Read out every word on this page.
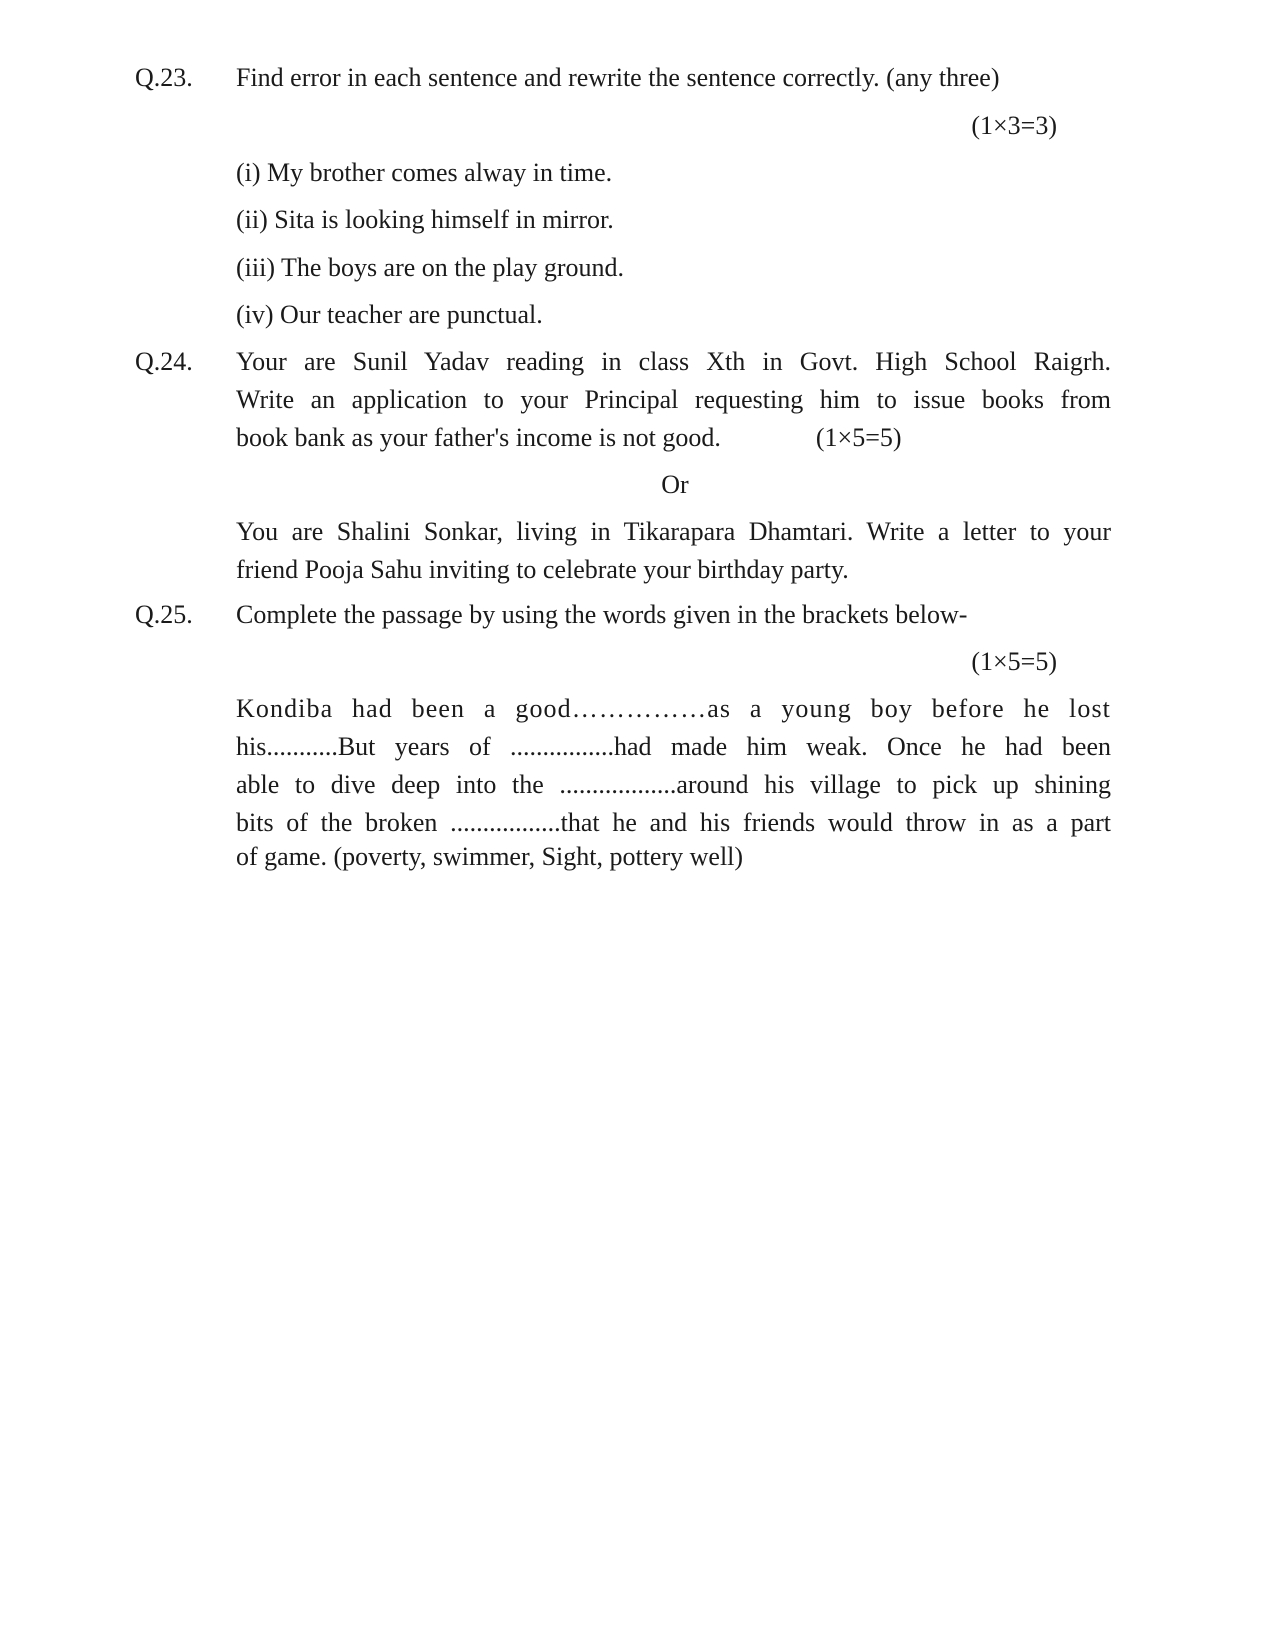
Q.23. Find error in each sentence and rewrite the sentence correctly. (any three)
(1×3=3)
(i) My brother comes alway in time.
(ii) Sita is looking himself in mirror.
(iii) The boys are on the play ground.
(iv) Our teacher are punctual.
Q.24. Your are Sunil Yadav reading in class Xth in Govt. High School Raigrh.
Write an application to your Principal requesting him to issue books from
book bank as your father's income is not good.	(1×5=5)
Or
You are Shalini Sonkar, living in Tikarapara Dhamtari. Write a letter to your
friend Pooja Sahu inviting to celebrate your birthday party.
Q.25. Complete the passage by using the words given in the brackets below-
(1×5=5)
Kondiba had been a good……………as a young boy before he lost
his...........But years of ................had made him weak. Once he had been
able to dive deep into the ..................around his village to pick up shining
bits of the broken .................that he and his friends would throw in as a part
of game. (poverty, swimmer, Sight, pottery well)
